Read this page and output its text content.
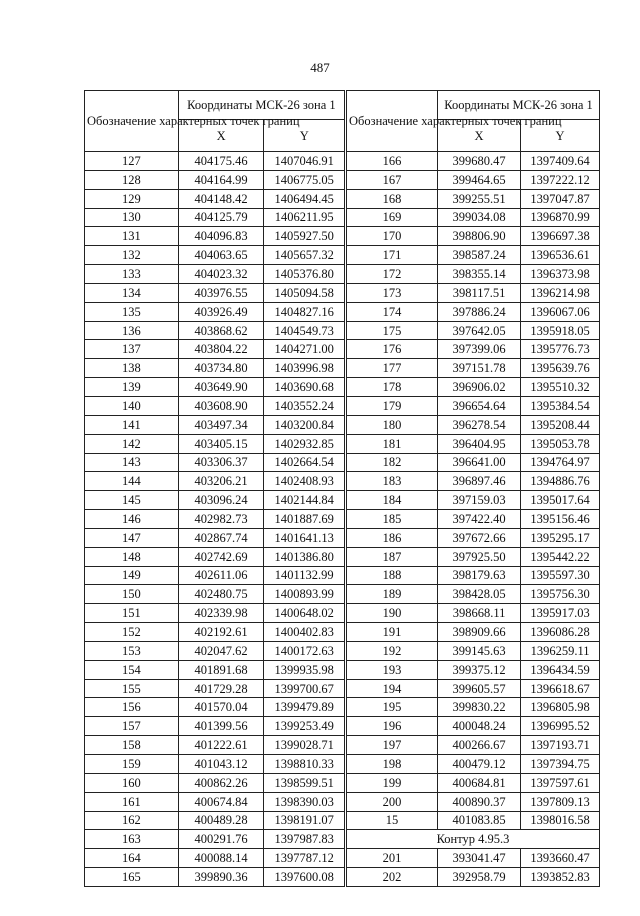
487
Обозначение характерных точек границ	Координаты МСК-26 зона 1	
	X	Y
127	404175.46	1407046.91
128	404164.99	1406775.05
129	404148.42	1406494.45
130	404125.79	1406211.95
131	404096.83	1405927.50
132	404063.65	1405657.32
133	404023.32	1405376.80
134	403976.55	1405094.58
135	403926.49	1404827.16
136	403868.62	1404549.73
137	403804.22	1404271.00
138	403734.80	1403996.98
139	403649.90	1403690.68
140	403608.90	1403552.24
141	403497.34	1403200.84
142	403405.15	1402932.85
143	403306.37	1402664.54
144	403206.21	1402408.93
145	403096.24	1402144.84
146	402982.73	1401887.69
147	402867.74	1401641.13
148	402742.69	1401386.80
149	402611.06	1401132.99
150	402480.75	1400893.99
151	402339.98	1400648.02
152	402192.61	1400402.83
153	402047.62	1400172.63
154	401891.68	1399935.98
155	401729.28	1399700.67
156	401570.04	1399479.89
157	401399.56	1399253.49
158	401222.61	1399028.71
159	401043.12	1398810.33
160	400862.26	1398599.51
161	400674.84	1398390.03
162	400489.28	1398191.07
163	400291.76	1397987.83
164	400088.14	1397787.12
165	399890.36	1397600.08
Обозначение характерных точек границ	Координаты МСК-26 зона 1	
	X	Y
166	399680.47	1397409.64
167	399464.65	1397222.12
168	399255.51	1397047.87
169	399034.08	1396870.99
170	398806.90	1396697.38
171	398587.24	1396536.61
172	398355.14	1396373.98
173	398117.51	1396214.98
174	397886.24	1396067.06
175	397642.05	1395918.05
176	397399.06	1395776.73
177	397151.78	1395639.76
178	396906.02	1395510.32
179	396654.64	1395384.54
180	396278.54	1395208.44
181	396404.95	1395053.78
182	396641.00	1394764.97
183	396897.46	1394886.76
184	397159.03	1395017.64
185	397422.40	1395156.46
186	397672.66	1395295.17
187	397925.50	1395442.22
188	398179.63	1395597.30
189	398428.05	1395756.30
190	398668.11	1395917.03
191	398909.66	1396086.28
192	399145.63	1396259.11
193	399375.12	1396434.59
194	399605.57	1396618.67
195	399830.22	1396805.98
196	400048.24	1396995.52
197	400266.67	1397193.71
198	400479.12	1397394.75
199	400684.81	1397597.61
200	400890.37	1397809.13
15	401083.85	1398016.58
Контур 4.95.3		
201	393041.47	1393660.47
202	392958.79	1393852.83
